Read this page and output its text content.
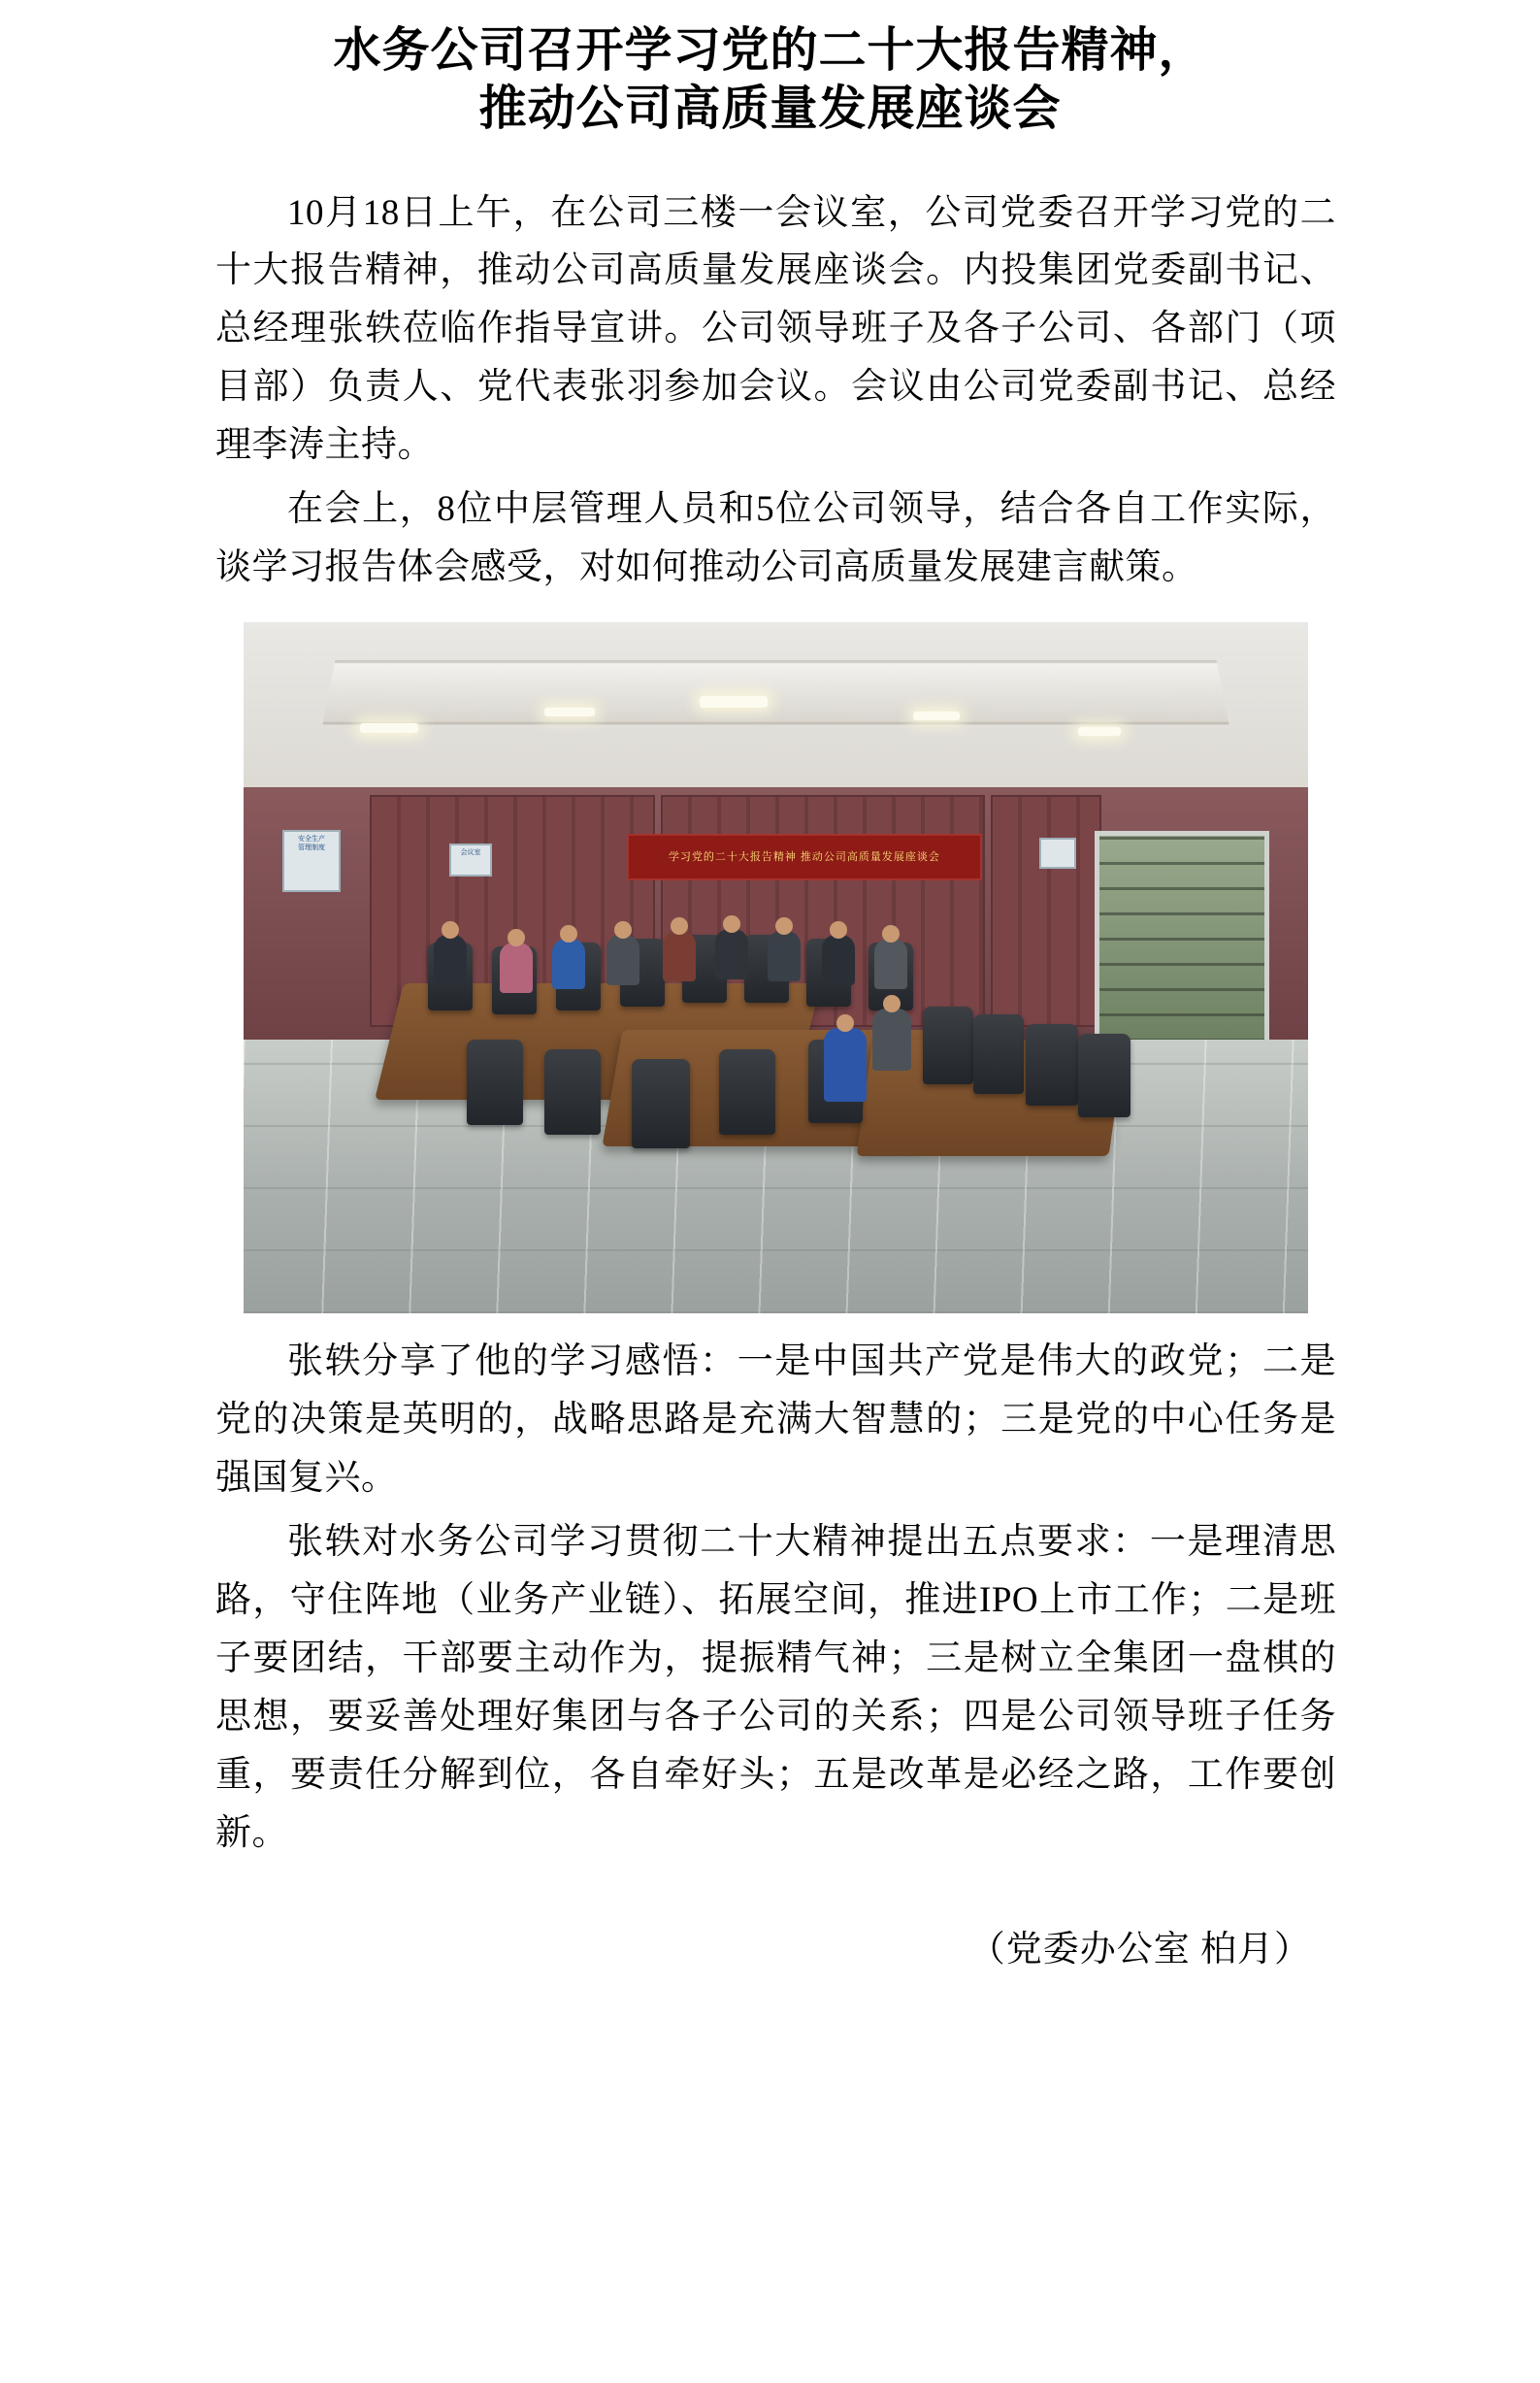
水务公司召开学习党的二十大报告精神，
推动公司高质量发展座谈会

10月18日上午，在公司三楼一会议室，公司党委召开学习党的二十大报告精神，推动公司高质量发展座谈会。内投集团党委副书记、总经理张轶莅临作指导宣讲。公司领导班子及各子公司、各部门（项目部）负责人、党代表张羽参加会议。会议由公司党委副书记、总经理李涛主持。

在会上，8位中层管理人员和5位公司领导，结合各自工作实际，谈学习报告体会感受，对如何推动公司高质量发展建言献策。

学习党的二十大报告精神 推动公司高质量发展座谈会
安全生产
管理制度
会议室

张轶分享了他的学习感悟：一是中国共产党是伟大的政党；二是党的决策是英明的，战略思路是充满大智慧的；三是党的中心任务是强国复兴。

张轶对水务公司学习贯彻二十大精神提出五点要求：一是理清思路，守住阵地（业务产业链）、拓展空间，推进IPO上市工作；二是班子要团结，干部要主动作为，提振精气神；三是树立全集团一盘棋的思想，要妥善处理好集团与各子公司的关系；四是公司领导班子任务重，要责任分解到位，各自牵好头；五是改革是必经之路，工作要创新。

（党委办公室 柏月）
